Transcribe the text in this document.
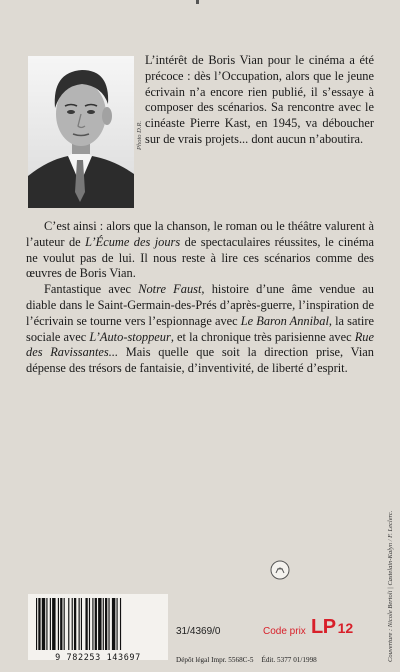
Photo D.R.

L’intérêt de Boris Vian pour le cinéma a été précoce : dès l’Occupation, alors que le jeune écrivain n’a encore rien publié, il s’essaye à composer des scénarios. Sa rencontre avec le cinéaste Pierre Kast, en 1945, va déboucher sur de vrais projets... dont aucun n’aboutira.

C’est ainsi : alors que la chanson, le roman ou le théâtre valurent à l’auteur de L’Écume des jours de spectaculaires réussites, le cinéma ne voulut pas de lui. Il nous reste à lire ces scénarios comme des œuvres de Boris Vian.

Fantastique avec Notre Faust, histoire d’une âme vendue au diable dans le Saint-Germain-des-Prés d’après-guerre, l’inspiration de l’écrivain se tourne vers l’espionnage avec Le Baron Annibal, la satire sociale avec L’Auto-stoppeur, et la chronique très parisienne avec Rue des Ravissantes... Mais quelle que soit la direction prise, Vian dépense des trésors de fantaisie, d’inventivité, de liberté d’esprit.

9 782253 143697
31/4369/0	Code prix LP 12
Dépôt légal Impr. 5568C-5 Édit. 5377 01/1998	Couverture : Nicole Bertoli | Castelain-Kalyn / F. Leclerc.
